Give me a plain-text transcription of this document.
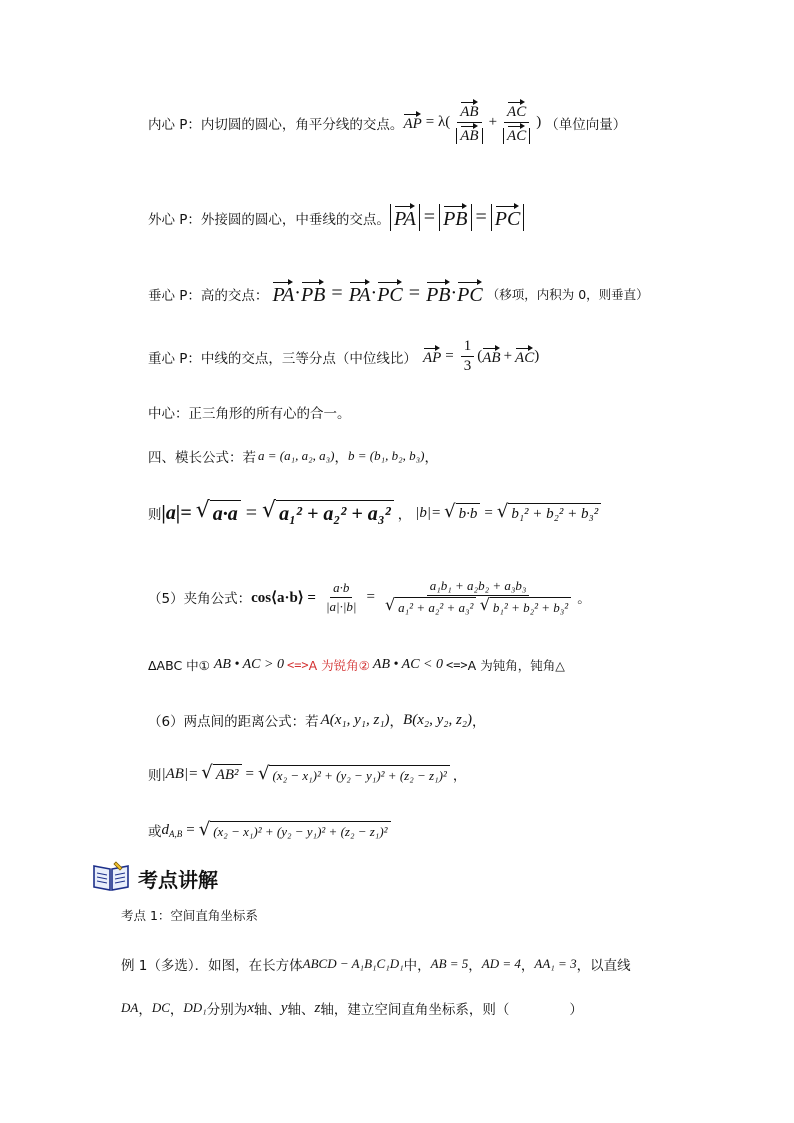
内心 P：内切圆的圆心，角平分线的交点。 AP = $\lambda( \frac{AB}{AB} + \frac{AC}{AC}$ ) （单位向量）
外心 P：外接圆的圆心，中垂线的交点。 PA = PB = PC
垂心 P：高的交点： PA · PB = PA · PC = PB · PC （移项，内积为 0，则垂直）
重心 P：中线的交点，三等分点（中位线比） AP = $\frac{1}{3}$ ( AB + AC )
中心：正三角形的所有心的合一。
四、模长公式：若 a = (a₁, a₂, a₃) ， b = (b₁, b₂, b₃) ，
则 |a|= √ a·a = √ a₁² + a₂² + a₃² ， |b|= √ b·b = √ b₁² + b₂² + b₃²
（5）夹角公式： cos⟨a·b⟩ = $\frac{a\cdot b}{|a|\cdot|b|} = a_1b_1 + a_2b_2 + a_3b_3$
√ a₁² + a₂² + a₃²
√ b₁² + b₂² + b₃² 。
ΔABC 中① AB • AC > 0 <=> A 为锐角② AB • AC < 0 <=> A 为钝角，钝角△
（6）两点间的距离公式：若 A(x₁, y₁, z₁) ， B(x₂, y₂, z₂) ，
则 |AB|= √ AB² = √ (x₂ − x₁)² + (y₂ − y₁)² + (z₂ − z₁)² ，
或 d A,B = √ (x₂ − x₁)² + (y₂ − y₁)² + (z₂ − z₁)²
考点讲解
考点 1：空间直角坐标系
例 1（多选）．如图，在长方体 ABCD − A₁B₁C₁D₁ 中， AB = 5 ， AD = 4 ， AA₁ = 3 ，以直线
DA ， DC ， DD₁ 分别为 x 轴、 y 轴、 z 轴，建立空间直角坐标系，则（	）
